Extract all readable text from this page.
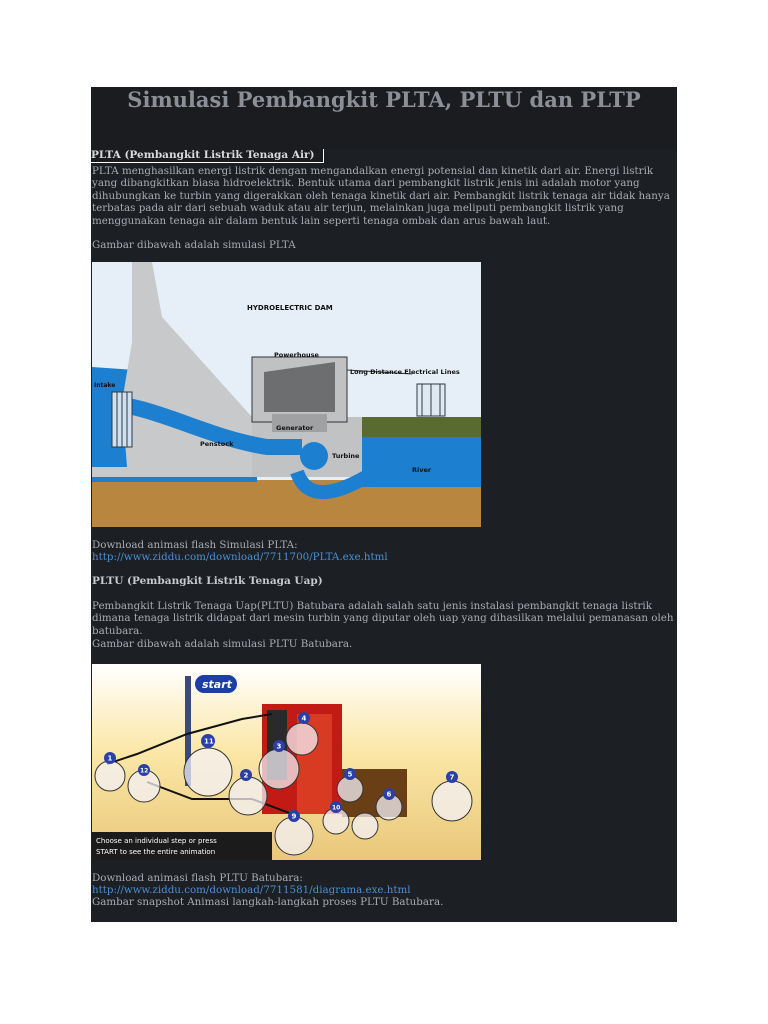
Simulasi Pembangkit PLTA, PLTU dan PLTP
PLTA (Pembangkit Listrik Tenaga Air)
PLTA menghasilkan energi listrik dengan mengandalkan energi potensial dan kinetik dari air. Energi listrik yang dibangkitkan biasa hidroelektrik. Bentuk utama dari pembangkit listrik jenis ini adalah motor yang dihubungkan ke turbin yang digerakkan oleh tenaga kinetik dari air. Pembangkit listrik tenaga air tidak hanya terbatas pada air dari sebuah waduk atau air terjun, melainkan juga meliputi pembangkit listrik yang menggunakan tenaga air dalam bentuk lain seperti tenaga ombak dan arus bawah laut.
Gambar dibawah adalah simulasi PLTA
HYDROELECTRIC DAM
Powerhouse
Long Distance Electrical Lines
Intake
Generator
Penstock
Turbine
River
Download animasi flash Simulasi PLTA:
http://www.ziddu.com/download/7711700/PLTA.exe.html
PLTU (Pembangkit Listrik Tenaga Uap)
Pembangkit Listrik Tenaga Uap(PLTU) Batubara adalah salah satu jenis instalasi pembangkit tenaga listrik dimana tenaga listrik didapat dari mesin turbin yang diputar oleh uap yang dihasilkan melalui pemanasan oleh batubara.
Gambar dibawah adalah simulasi PLTU Batubara.
1
2
3
4
5
6
7
9
10
11
12
start
Choose an individual step or press
START to see the entire animation
Download animasi flash PLTU Batubara:
http://www.ziddu.com/download/7711581/diagrama.exe.html
Gambar snapshot Animasi langkah-langkah proses PLTU Batubara.
